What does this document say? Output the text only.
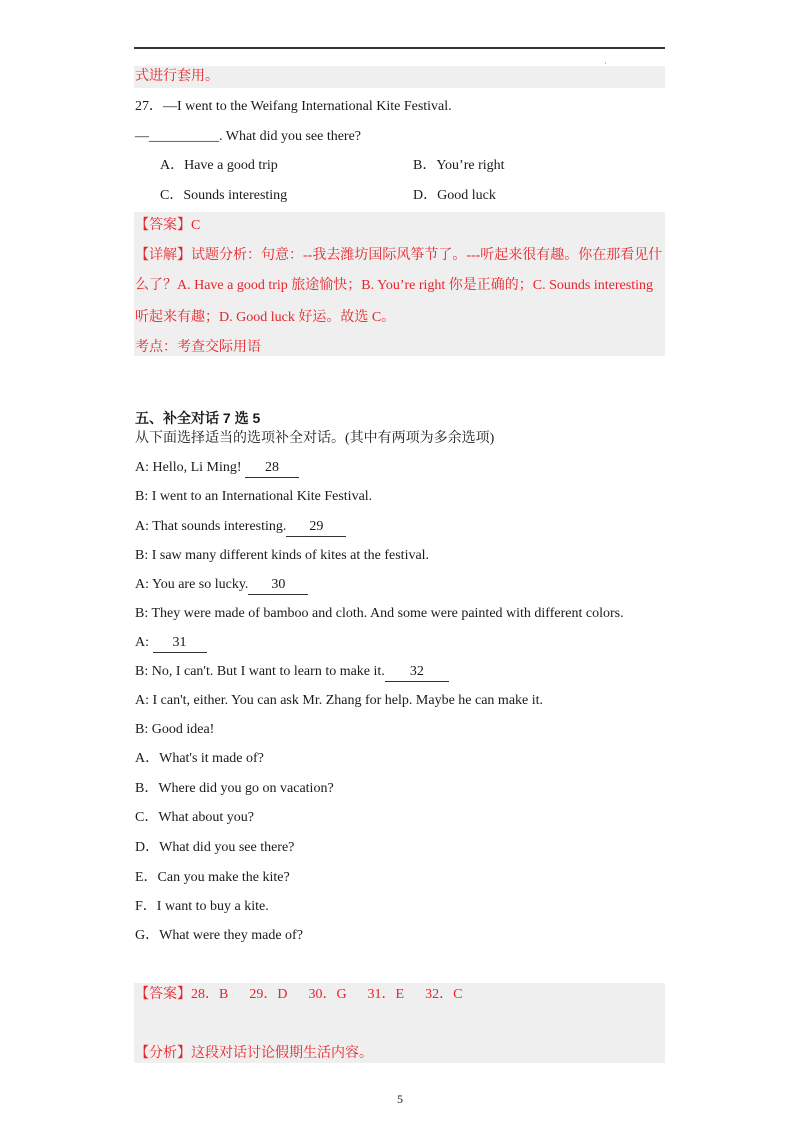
،
式进行套用。
27．—I went to the Weifang International Kite Festival.
—__________. What did you see there?
A．Have a good trip	B．You’re right
C．Sounds interesting	D．Good luck
【答案】C
【详解】试题分析：句意：--我去潍坊国际风筝节了。---听起来很有趣。你在那看见什
么了？A. Have a good trip 旅途愉快；B. You’re right 你是正确的；C. Sounds interesting
听起来有趣；D. Good luck 好运。故选 C。
考点：考查交际用语
五、补全对话 7 选 5
从下面选择适当的选项补全对话。(其中有两项为多余选项)
A: Hello, Li Ming! 28
B: I went to an International Kite Festival.
A: That sounds interesting. 29
B: I saw many different kinds of kites at the festival.
A: You are so lucky. 30
B: They were made of bamboo and cloth. And some were painted with different colors.
A: 31
B: No, I can't. But I want to learn to make it. 32
A: I can't, either. You can ask Mr. Zhang for help. Maybe he can make it.
B: Good idea!
A．What's it made of?
B．Where did you go on vacation?
C．What about you?
D．What did you see there?
E．Can you make the kite?
F．I want to buy a kite.
G．What were they made of?
【答案】28．B      29．D      30．G      31．E      32．C
【分析】这段对话讨论假期生活内容。
5
